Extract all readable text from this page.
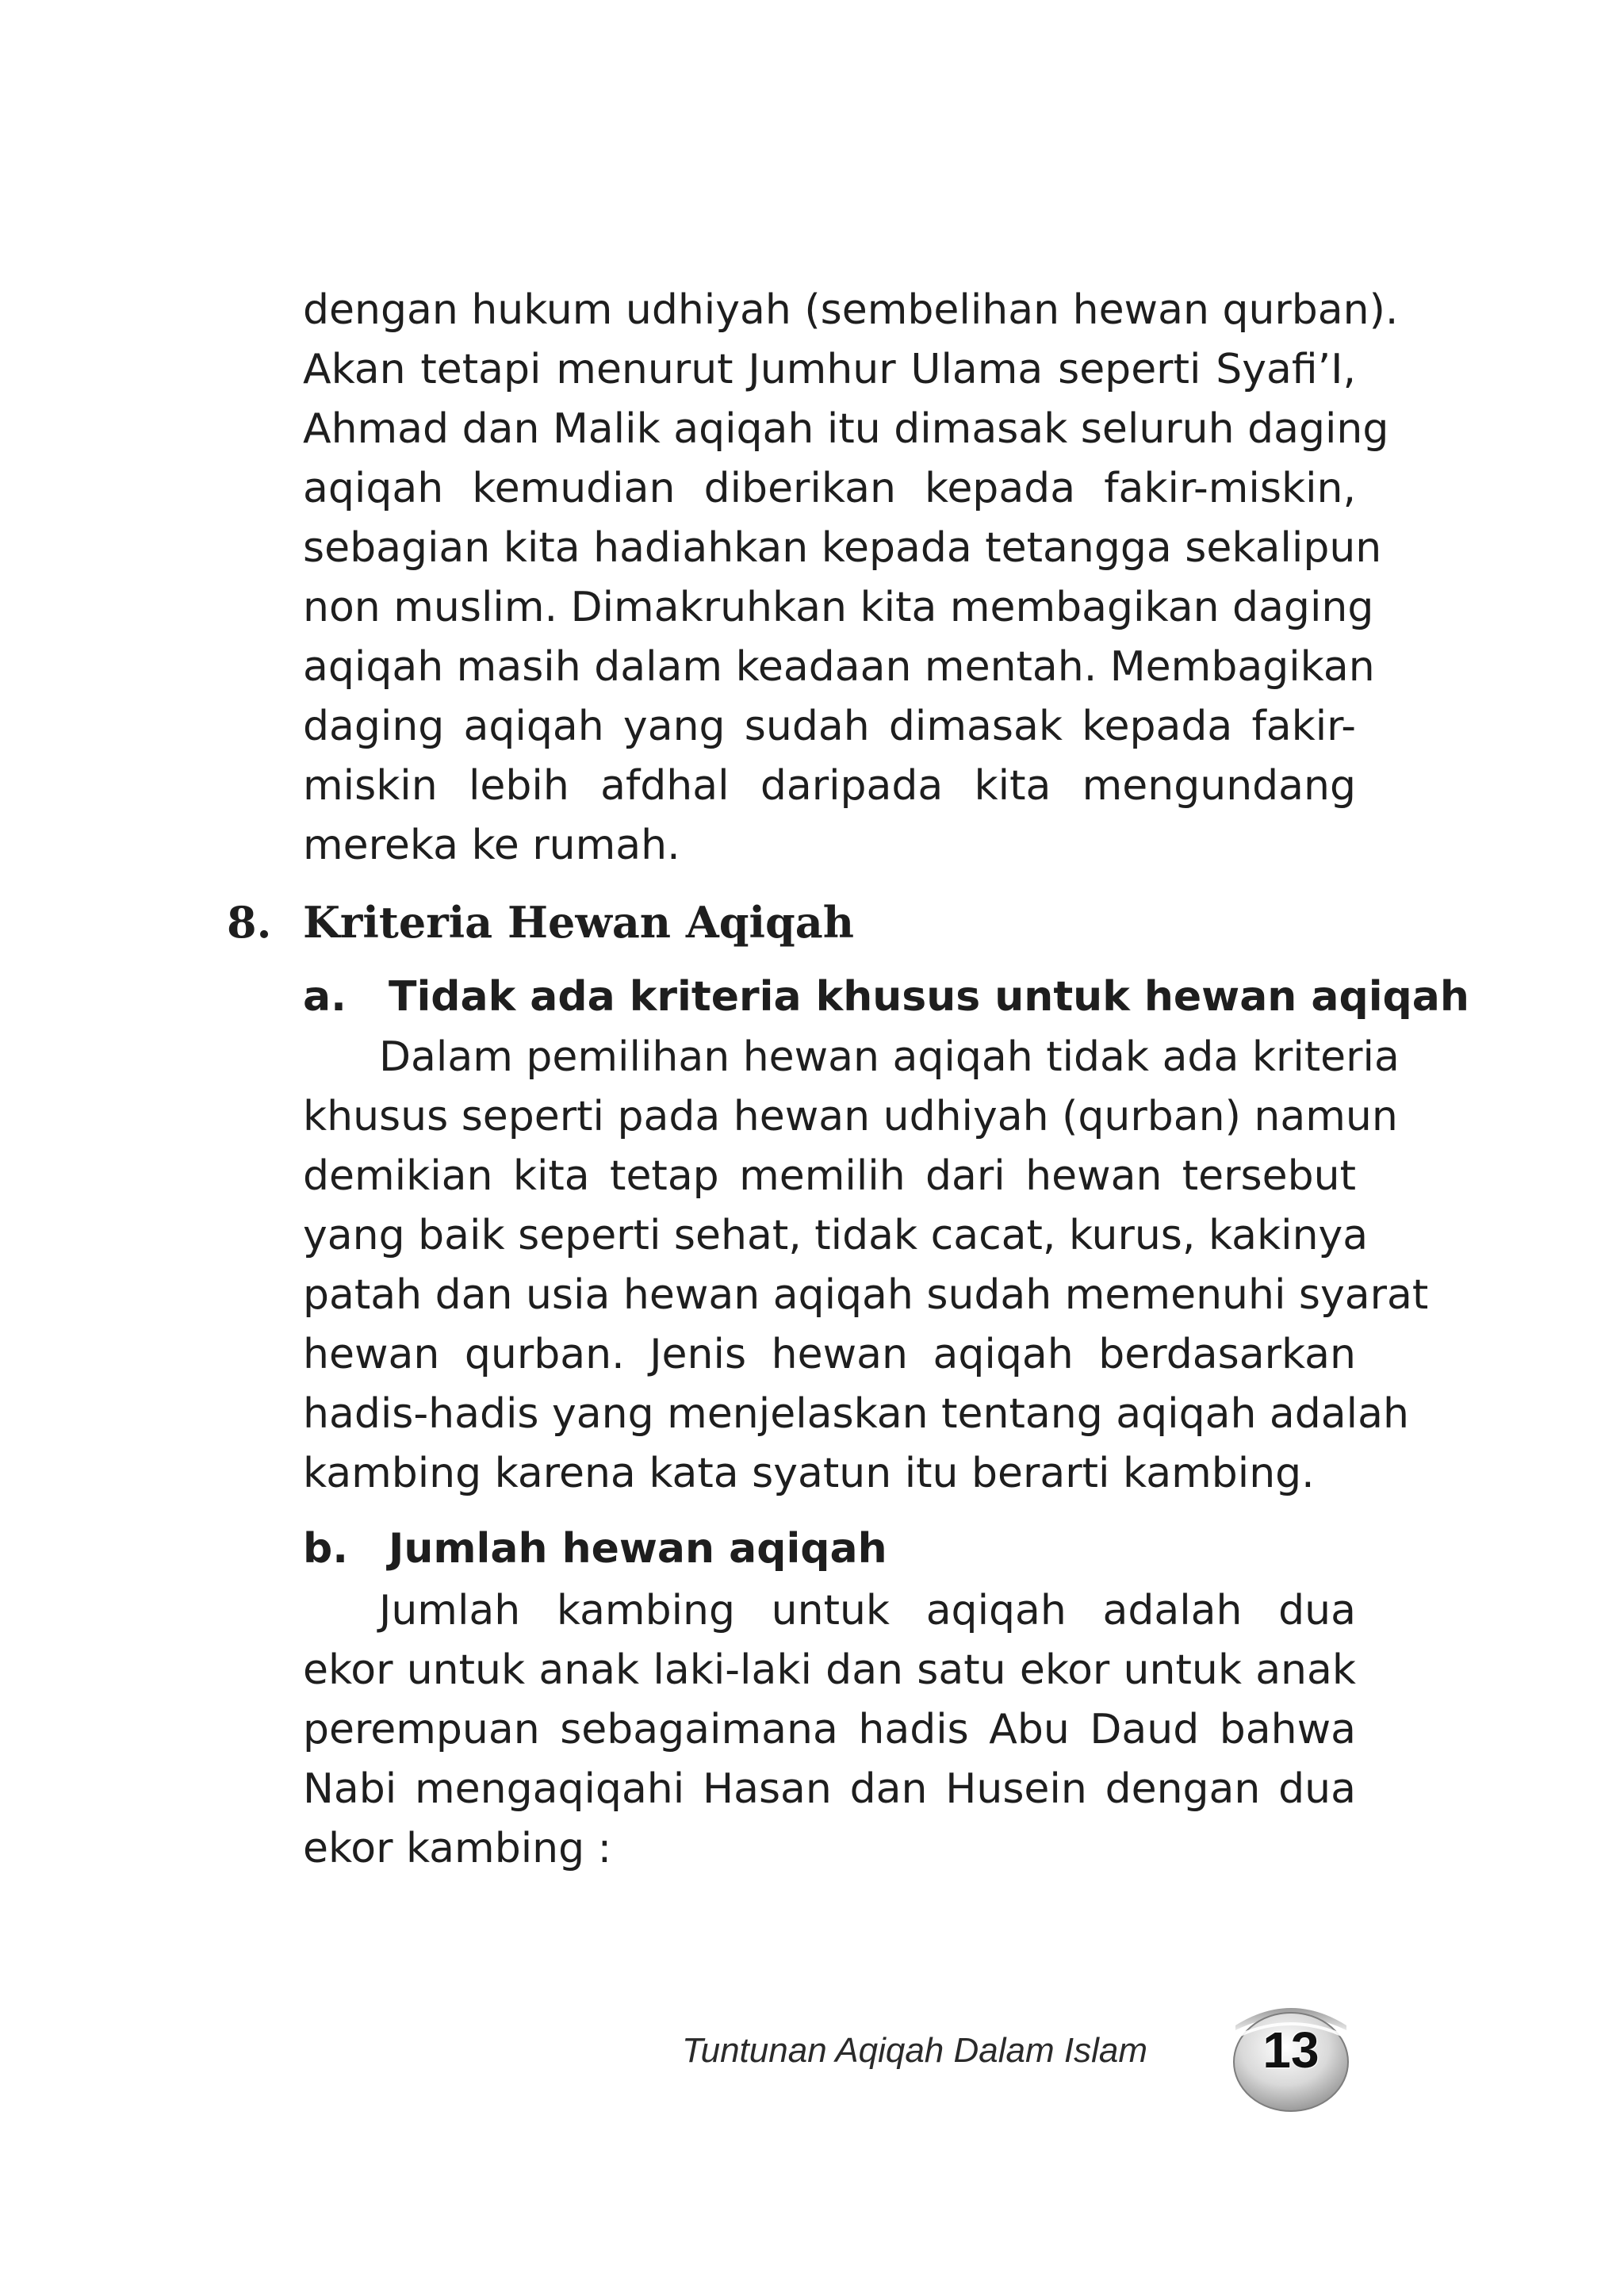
dengan hukum udhiyah (sembelihan hewan qurban).
Akan tetapi menurut Jumhur Ulama seperti Syafi’I,
Ahmad dan Malik aqiqah itu dimasak seluruh daging
aqiqah kemudian diberikan kepada fakir-miskin,
sebagian kita hadiahkan kepada tetangga sekalipun
non muslim. Dimakruhkan kita membagikan daging
aqiqah masih dalam keadaan mentah. Membagikan
daging aqiqah yang sudah dimasak kepada fakir-
miskin lebih afdhal daripada kita mengundang
mereka ke rumah.
8. Kriteria Hewan Aqiqah
a. Tidak ada kriteria khusus untuk hewan aqiqah
Dalam pemilihan hewan aqiqah tidak ada kriteria
khusus seperti pada hewan udhiyah (qurban) namun
demikian kita tetap memilih dari hewan tersebut
yang baik seperti sehat, tidak cacat, kurus, kakinya
patah dan usia hewan aqiqah sudah memenuhi syarat
hewan qurban. Jenis hewan aqiqah berdasarkan
hadis-hadis yang menjelaskan tentang aqiqah adalah
kambing karena kata syatun itu berarti kambing.
b. Jumlah hewan aqiqah
Jumlah kambing untuk aqiqah adalah dua
ekor untuk anak laki-laki dan satu ekor untuk anak
perempuan sebagaimana hadis Abu Daud bahwa
Nabi mengaqiqahi Hasan dan Husein dengan dua
ekor kambing :
Tuntunan Aqiqah Dalam Islam	13
